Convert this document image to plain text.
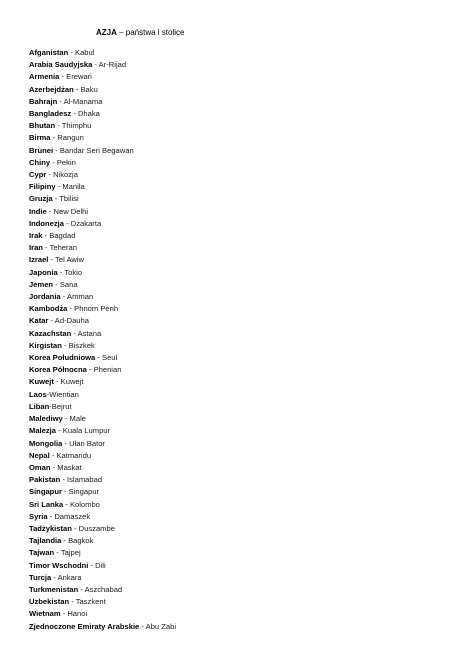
AZJA – państwa i stolice
Afganistan - Kabul
Arabia Saudyjska - Ar-Rijad
Armenia - Erewań
Azerbejdżan - Baku
Bahrajn - Al-Manama
Bangladesz - Dhaka
Bhutan - Thimphu
Birma - Rangun
Brunei - Bandar Seri Begawan
Chiny - Pekin
Cypr - Nikozja
Filipiny - Manila
Gruzja - Tbilisi
Indie - New Delhi
Indonezja - Dżakarta
Irak - Bagdad
Iran - Teheran
Izrael - Tel Awiw
Japonia - Tokio
Jemen - Sana
Jordania - Amman
Kambodża - Phnom Penh
Katar - Ad-Dauha
Kazachstan - Astana
Kirgistan - Biszkek
Korea Południowa - Seul
Korea Północna - Phenian
Kuwejt - Kuwejt
Laos-Wientian
Liban-Bejrut
Malediwy - Male
Malezja - Kuala Lumpur
Mongolia - Ułan Bator
Nepal - Katmandu
Oman - Maskat
Pakistan - Islamabad
Singapur - Singapur
Sri Lanka - Kolombo
Syria - Damaszek
Tadżykistan - Duszambe
Tajlandia - Bagkok
Tajwan - Tajpej
Timor Wschodni - Dili
Turcja - Ankara
Turkmenistan - Aszchabad
Uzbekistan - Taszkent
Wietnam - Hanoi
Zjednoczone Emiraty Arabskie - Abu Zabi
